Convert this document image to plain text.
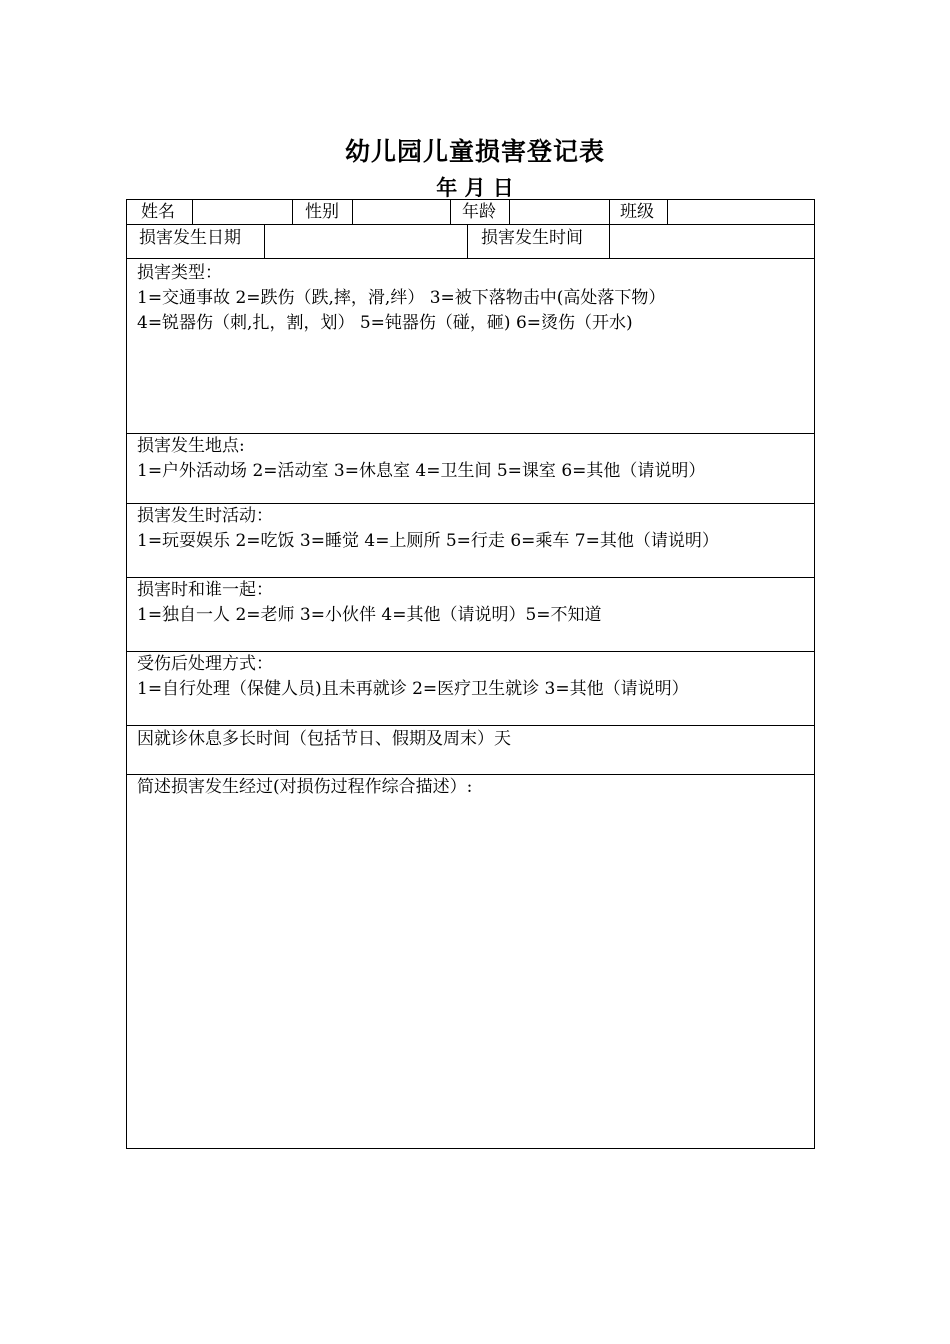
幼儿园儿童损害登记表
年 月 日
姓名	性别	年龄	班级
损害发生日期	损害发生时间
损害类型：
1=交通事故 2=跌伤（跌,摔，滑,绊） 3=被下落物击中(高处落下物）
4=锐器伤（刺,扎，割，划） 5=钝器伤（碰，砸) 6=烫伤（开水)
损害发生地点:
1=户外活动场 2=活动室 3=休息室 4=卫生间 5=课室 6=其他（请说明）
损害发生时活动：
1=玩耍娱乐 2=吃饭 3=睡觉 4=上厕所 5=行走 6=乘车 7=其他（请说明）
损害时和谁一起：
1=独自一人 2=老师 3=小伙伴 4=其他（请说明）5=不知道
受伤后处理方式：
1=自行处理（保健人员)且未再就诊 2=医疗卫生就诊 3=其他（请说明）
因就诊休息多长时间（包括节日、假期及周末）天
简述损害发生经过(对损伤过程作综合描述）:
